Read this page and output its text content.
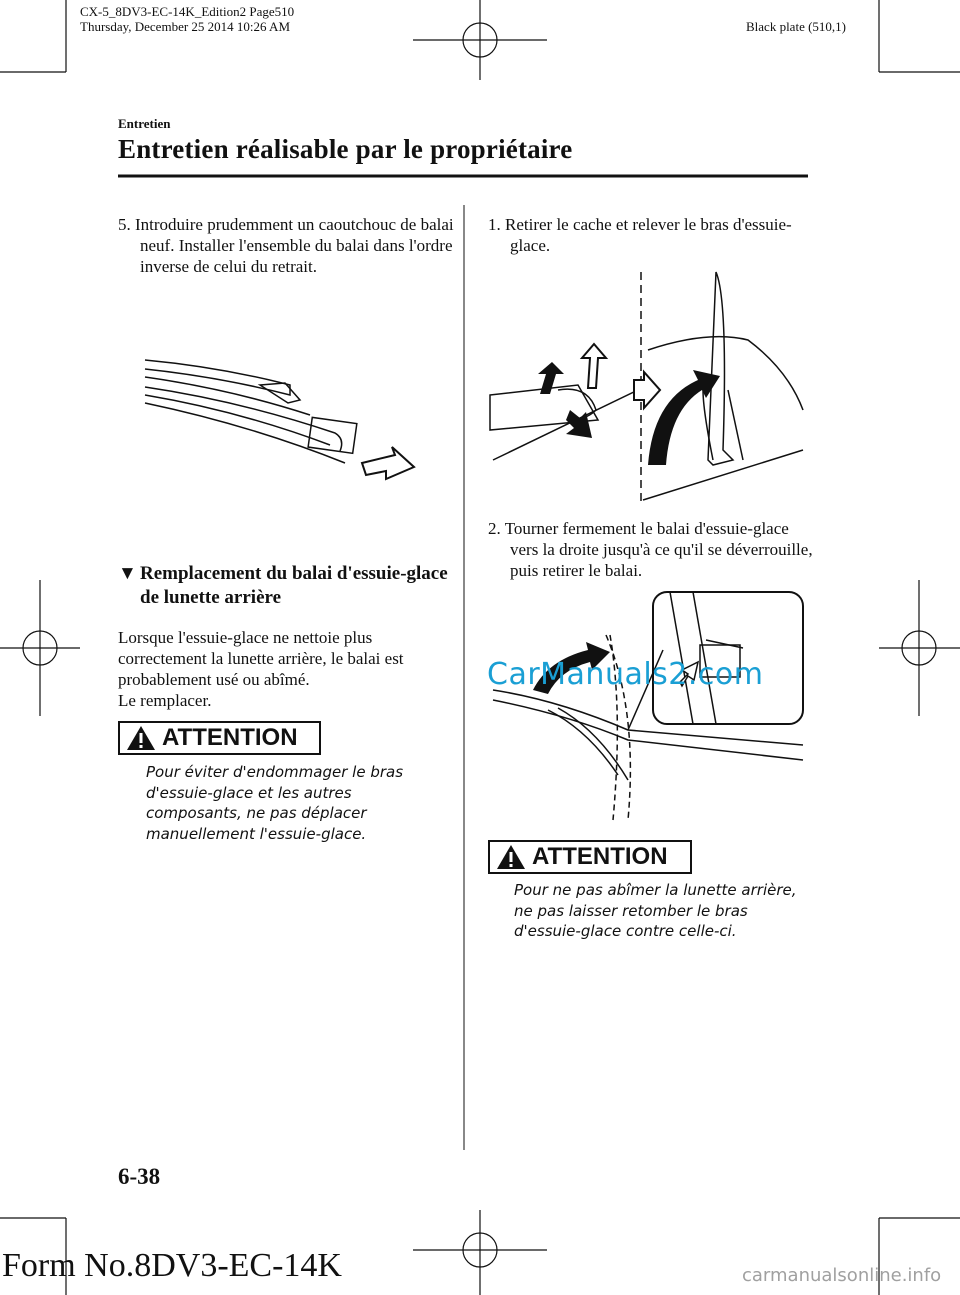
CX-5_8DV3-EC-14K_Edition2 Page510
Thursday, December 25 2014 10:26 AM	Black plate (510,1)
Entretien
Entretien réalisable par le propriétaire
5. Introduire prudemment un caoutchouc de balai neuf. Installer l'ensemble du balai dans l'ordre inverse de celui du retrait.
▼ Remplacement du balai d'essuie-glace de lunette arrière
Lorsque l'essuie-glace ne nettoie plus correctement la lunette arrière, le balai est probablement usé ou abîmé.
Le remplacer.
ATTENTION
Pour éviter d'endommager le bras d'essuie-glace et les autres composants, ne pas déplacer manuellement l'essuie-glace.
1. Retirer le cache et relever le bras d'essuie-glace.
2. Tourner fermement le balai d'essuie-glace vers la droite jusqu'à ce qu'il se déverrouille, puis retirer le balai.
CarManuals2.com
ATTENTION
Pour ne pas abîmer la lunette arrière, ne pas laisser retomber le bras d'essuie-glace contre celle-ci.
6-38
Form No.8DV3-EC-14K	carmanualsonline.info
